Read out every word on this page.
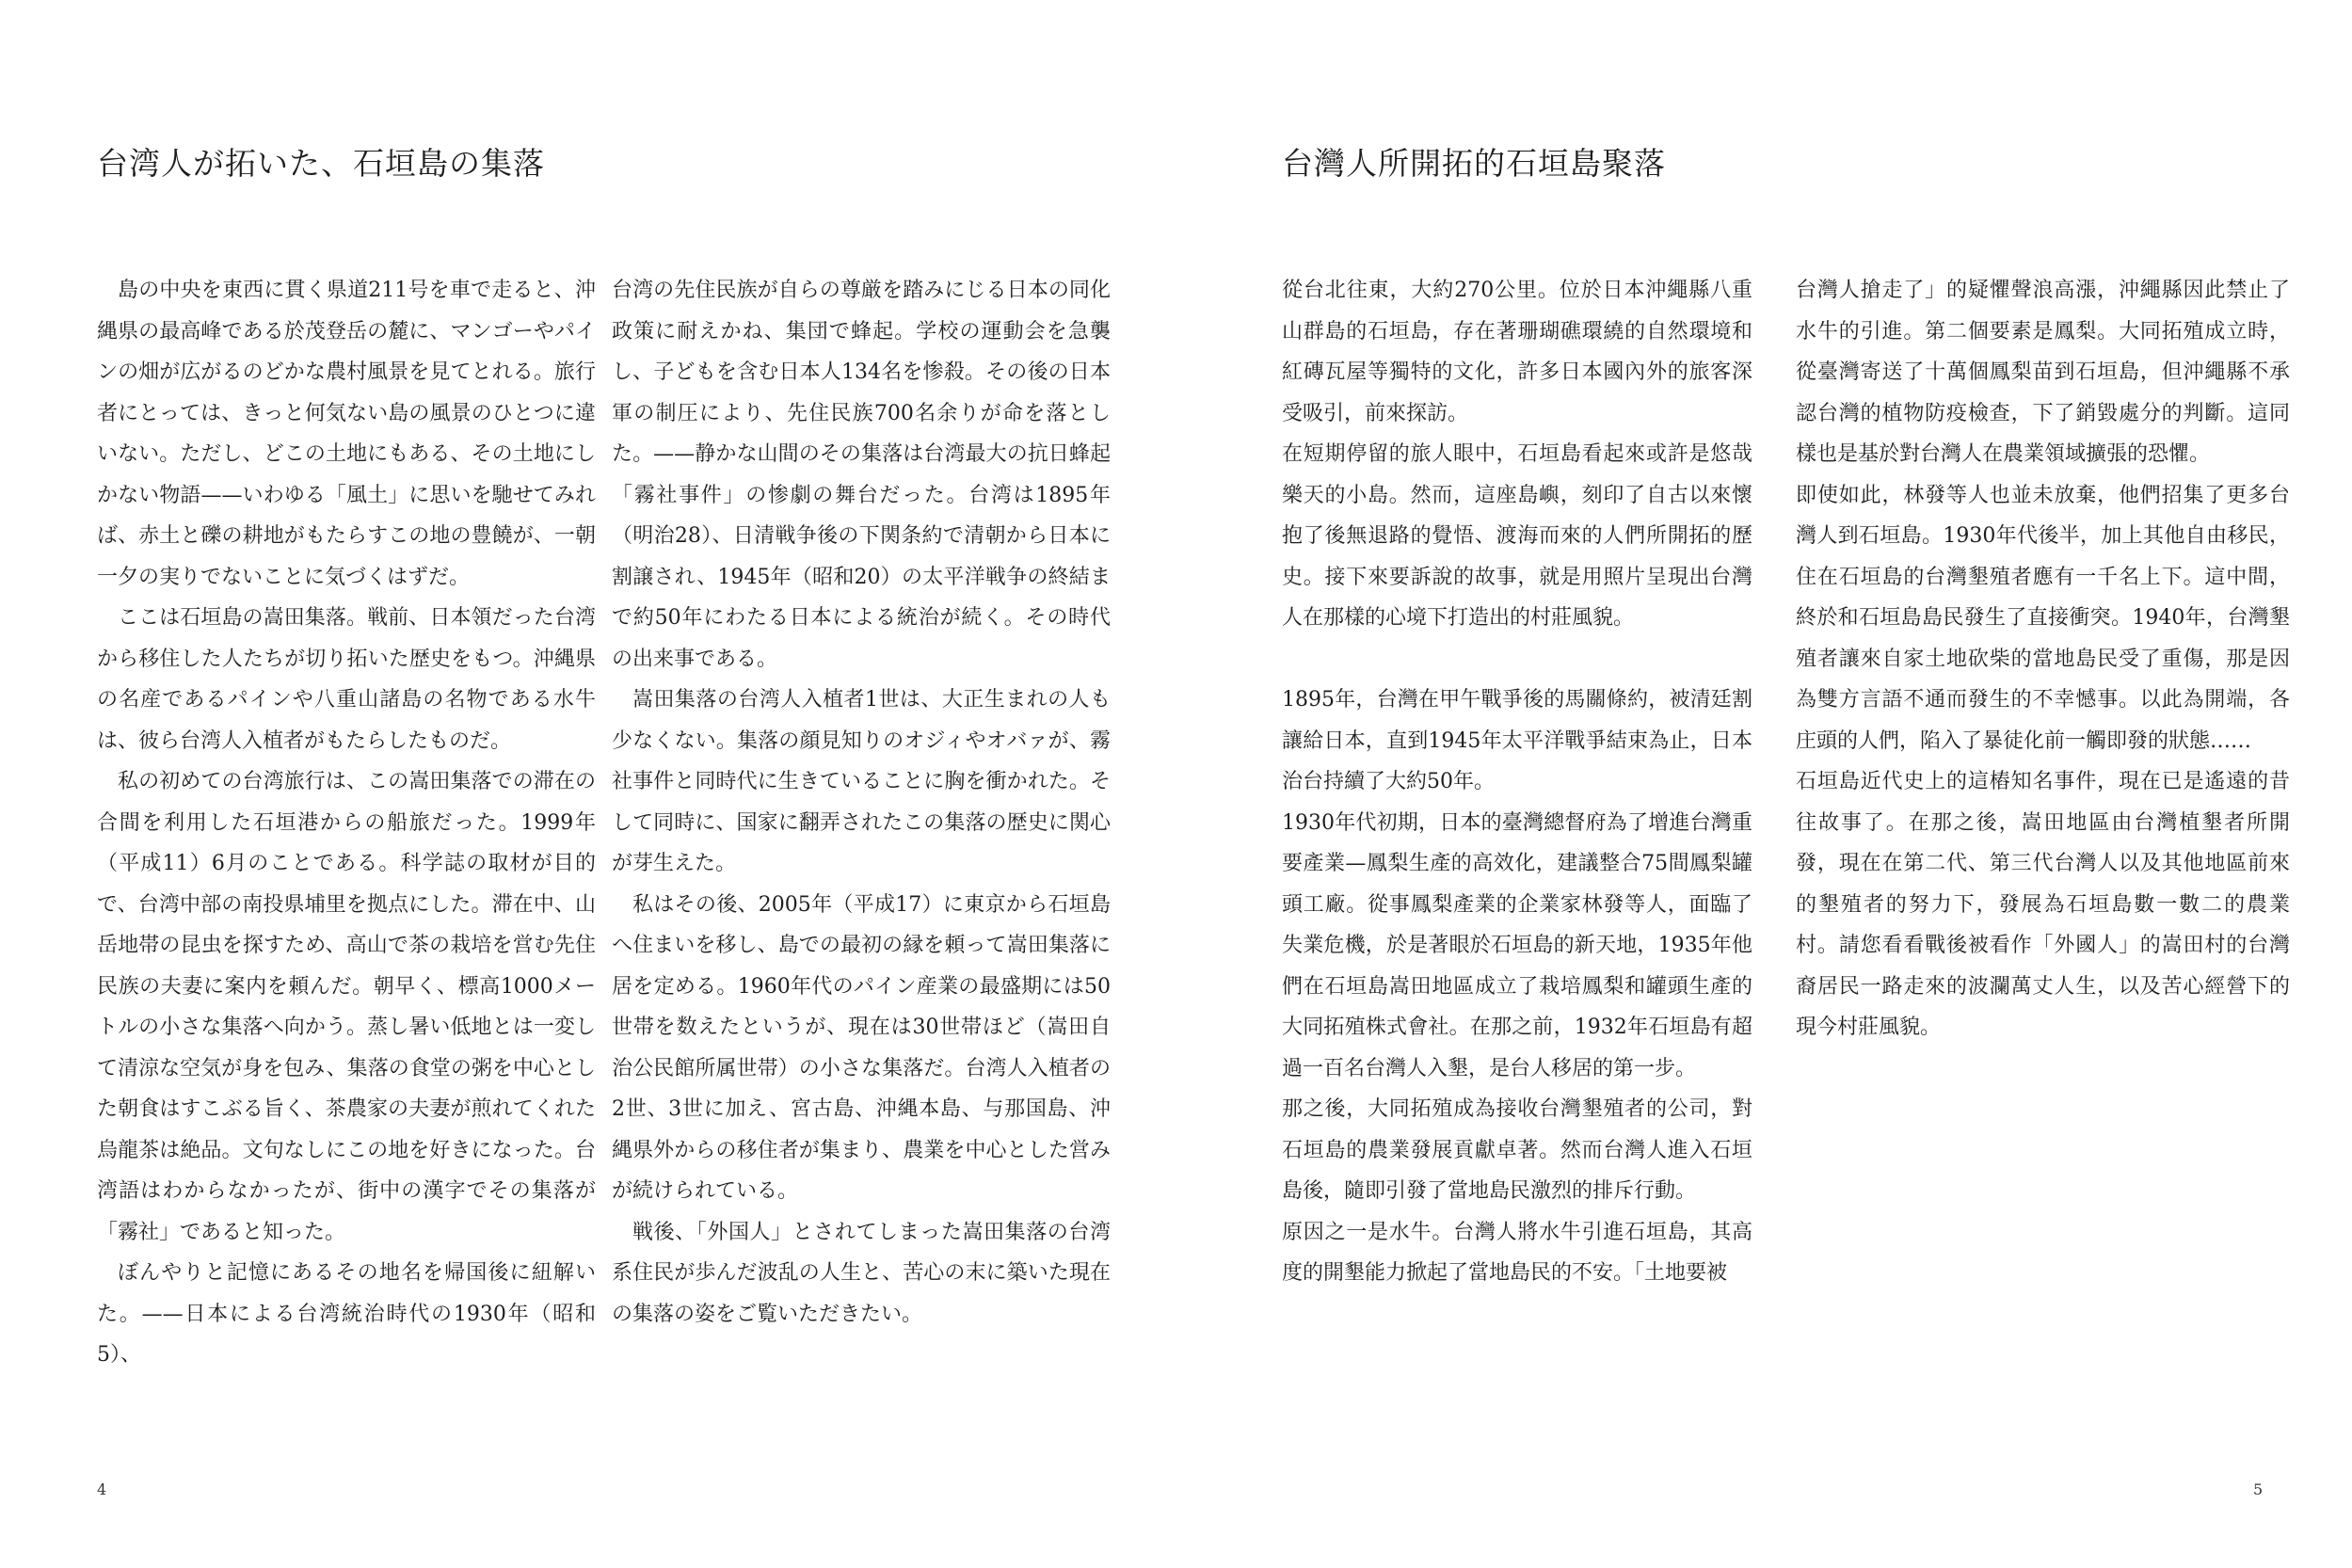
台湾人が拓いた、石垣島の集落	台灣人所開拓的石垣島聚落

島の中央を東西に貫く県道211号を車で走ると、沖縄県の最高峰である於茂登岳の麓に、マンゴーやパインの畑が広がるのどかな農村風景を見てとれる。旅行者にとっては、きっと何気ない島の風景のひとつに違いない。ただし、どこの土地にもある、その土地にしかない物語——いわゆる「風土」に思いを馳せてみれば、赤土と礫の耕地がもたらすこの地の豊饒が、一朝一夕の実りでないことに気づくはずだ。

ここは石垣島の嵩田集落。戦前、日本領だった台湾から移住した人たちが切り拓いた歴史をもつ。沖縄県の名産であるパインや八重山諸島の名物である水牛は、彼ら台湾人入植者がもたらしたものだ。

私の初めての台湾旅行は、この嵩田集落での滞在の合間を利用した石垣港からの船旅だった。1999年（平成11）6月のことである。科学誌の取材が目的で、台湾中部の南投県埔里を拠点にした。滞在中、山岳地帯の昆虫を探すため、高山で茶の栽培を営む先住民族の夫妻に案内を頼んだ。朝早く、標高1000メートルの小さな集落へ向かう。蒸し暑い低地とは一変して清涼な空気が身を包み、集落の食堂の粥を中心とした朝食はすこぶる旨く、茶農家の夫妻が煎れてくれた烏龍茶は絶品。文句なしにこの地を好きになった。台湾語はわからなかったが、街中の漢字でその集落が「霧社」であると知った。

ぼんやりと記憶にあるその地名を帰国後に紐解いた。——日本による台湾統治時代の1930年（昭和5）、

台湾の先住民族が自らの尊厳を踏みにじる日本の同化政策に耐えかね、集団で蜂起。学校の運動会を急襲し、子どもを含む日本人134名を惨殺。その後の日本軍の制圧により、先住民族700名余りが命を落とした。——静かな山間のその集落は台湾最大の抗日蜂起「霧社事件」の惨劇の舞台だった。台湾は1895年（明治28）、日清戦争後の下関条約で清朝から日本に割譲され、1945年（昭和20）の太平洋戦争の終結まで約50年にわたる日本による統治が続く。その時代の出来事である。

嵩田集落の台湾人入植者1世は、大正生まれの人も少なくない。集落の顔見知りのオジィやオバァが、霧社事件と同時代に生きていることに胸を衝かれた。そして同時に、国家に翻弄されたこの集落の歴史に関心が芽生えた。

私はその後、2005年（平成17）に東京から石垣島へ住まいを移し、島での最初の縁を頼って嵩田集落に居を定める。1960年代のパイン産業の最盛期には50世帯を数えたというが、現在は30世帯ほど（嵩田自治公民館所属世帯）の小さな集落だ。台湾人入植者の2世、3世に加え、宮古島、沖縄本島、与那国島、沖縄県外からの移住者が集まり、農業を中心とした営みが続けられている。

戦後、「外国人」とされてしまった嵩田集落の台湾系住民が歩んだ波乱の人生と、苦心の末に築いた現在の集落の姿をご覧いただきたい。

從台北往東，大約270公里。位於日本沖繩縣八重山群島的石垣島，存在著珊瑚礁環繞的自然環境和紅磚瓦屋等獨特的文化，許多日本國內外的旅客深受吸引，前來探訪。

在短期停留的旅人眼中，石垣島看起來或許是悠哉樂天的小島。然而，這座島嶼，刻印了自古以來懷抱了後無退路的覺悟、渡海而來的人們所開拓的歷史。接下來要訴說的故事，就是用照片呈現出台灣人在那樣的心境下打造出的村莊風貌。

1895年，台灣在甲午戰爭後的馬關條約，被清廷割讓給日本，直到1945年太平洋戰爭結束為止，日本治台持續了大約50年。

1930年代初期，日本的臺灣總督府為了增進台灣重要產業—鳳梨生產的高效化，建議整合75間鳳梨罐頭工廠。從事鳳梨產業的企業家林發等人，面臨了失業危機，於是著眼於石垣島的新天地，1935年他們在石垣島嵩田地區成立了栽培鳳梨和罐頭生產的大同拓殖株式會社。在那之前，1932年石垣島有超過一百名台灣人入墾，是台人移居的第一步。

那之後，大同拓殖成為接收台灣墾殖者的公司，對石垣島的農業發展貢獻卓著。然而台灣人進入石垣島後，隨即引發了當地島民激烈的排斥行動。

原因之一是水牛。台灣人將水牛引進石垣島，其高度的開墾能力掀起了當地島民的不安。「土地要被

台灣人搶走了」的疑懼聲浪高漲，沖繩縣因此禁止了水牛的引進。第二個要素是鳳梨。大同拓殖成立時，從臺灣寄送了十萬個鳳梨苗到石垣島，但沖繩縣不承認台灣的植物防疫檢查，下了銷毀處分的判斷。這同樣也是基於對台灣人在農業領域擴張的恐懼。

即使如此，林發等人也並未放棄，他們招集了更多台灣人到石垣島。1930年代後半，加上其他自由移民，住在石垣島的台灣墾殖者應有一千名上下。這中間，終於和石垣島島民發生了直接衝突。1940年，台灣墾殖者讓來自家土地砍柴的當地島民受了重傷，那是因為雙方言語不通而發生的不幸憾事。以此為開端，各庄頭的人們，陷入了暴徒化前一觸即發的狀態……

石垣島近代史上的這樁知名事件，現在已是遙遠的昔往故事了。在那之後，嵩田地區由台灣植墾者所開發，現在在第二代、第三代台灣人以及其他地區前來的墾殖者的努力下，發展為石垣島數一數二的農業村。請您看看戰後被看作「外國人」的嵩田村的台灣裔居民一路走來的波瀾萬丈人生，以及苦心經營下的現今村莊風貌。

4	5
